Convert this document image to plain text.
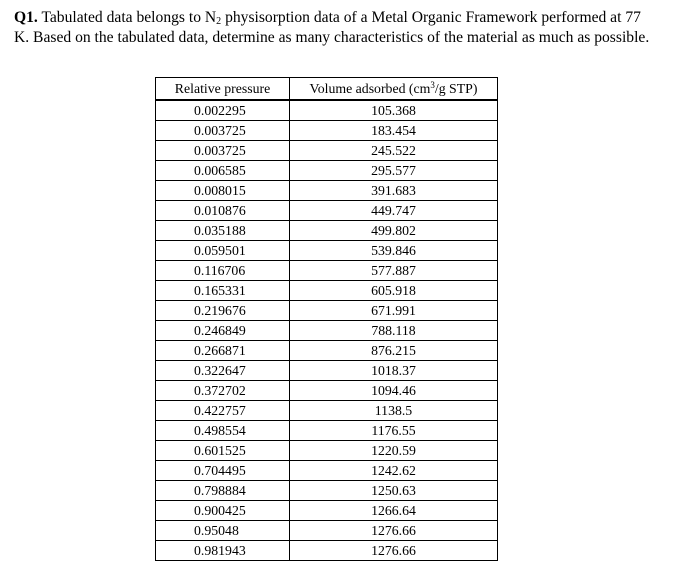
Q1. Tabulated data belongs to $N_2$ physisorption data of a Metal Organic Framework performed at 77 K. Based on the tabulated data, determine as many characteristics of the material as much as possible.

Relative pressure	Volume adsorbed ($cm^3/g$ STP)
0.002295	105.368
0.003725	183.454
0.003725	245.522
0.006585	295.577
0.008015	391.683
0.010876	449.747
0.035188	499.802
0.059501	539.846
0.116706	577.887
0.165331	605.918
0.219676	671.991
0.246849	788.118
0.266871	876.215
0.322647	1018.37
0.372702	1094.46
0.422757	1138.5
0.498554	1176.55
0.601525	1220.59
0.704495	1242.62
0.798884	1250.63
0.900425	1266.64
0.95048	1276.66
0.981943	1276.66
